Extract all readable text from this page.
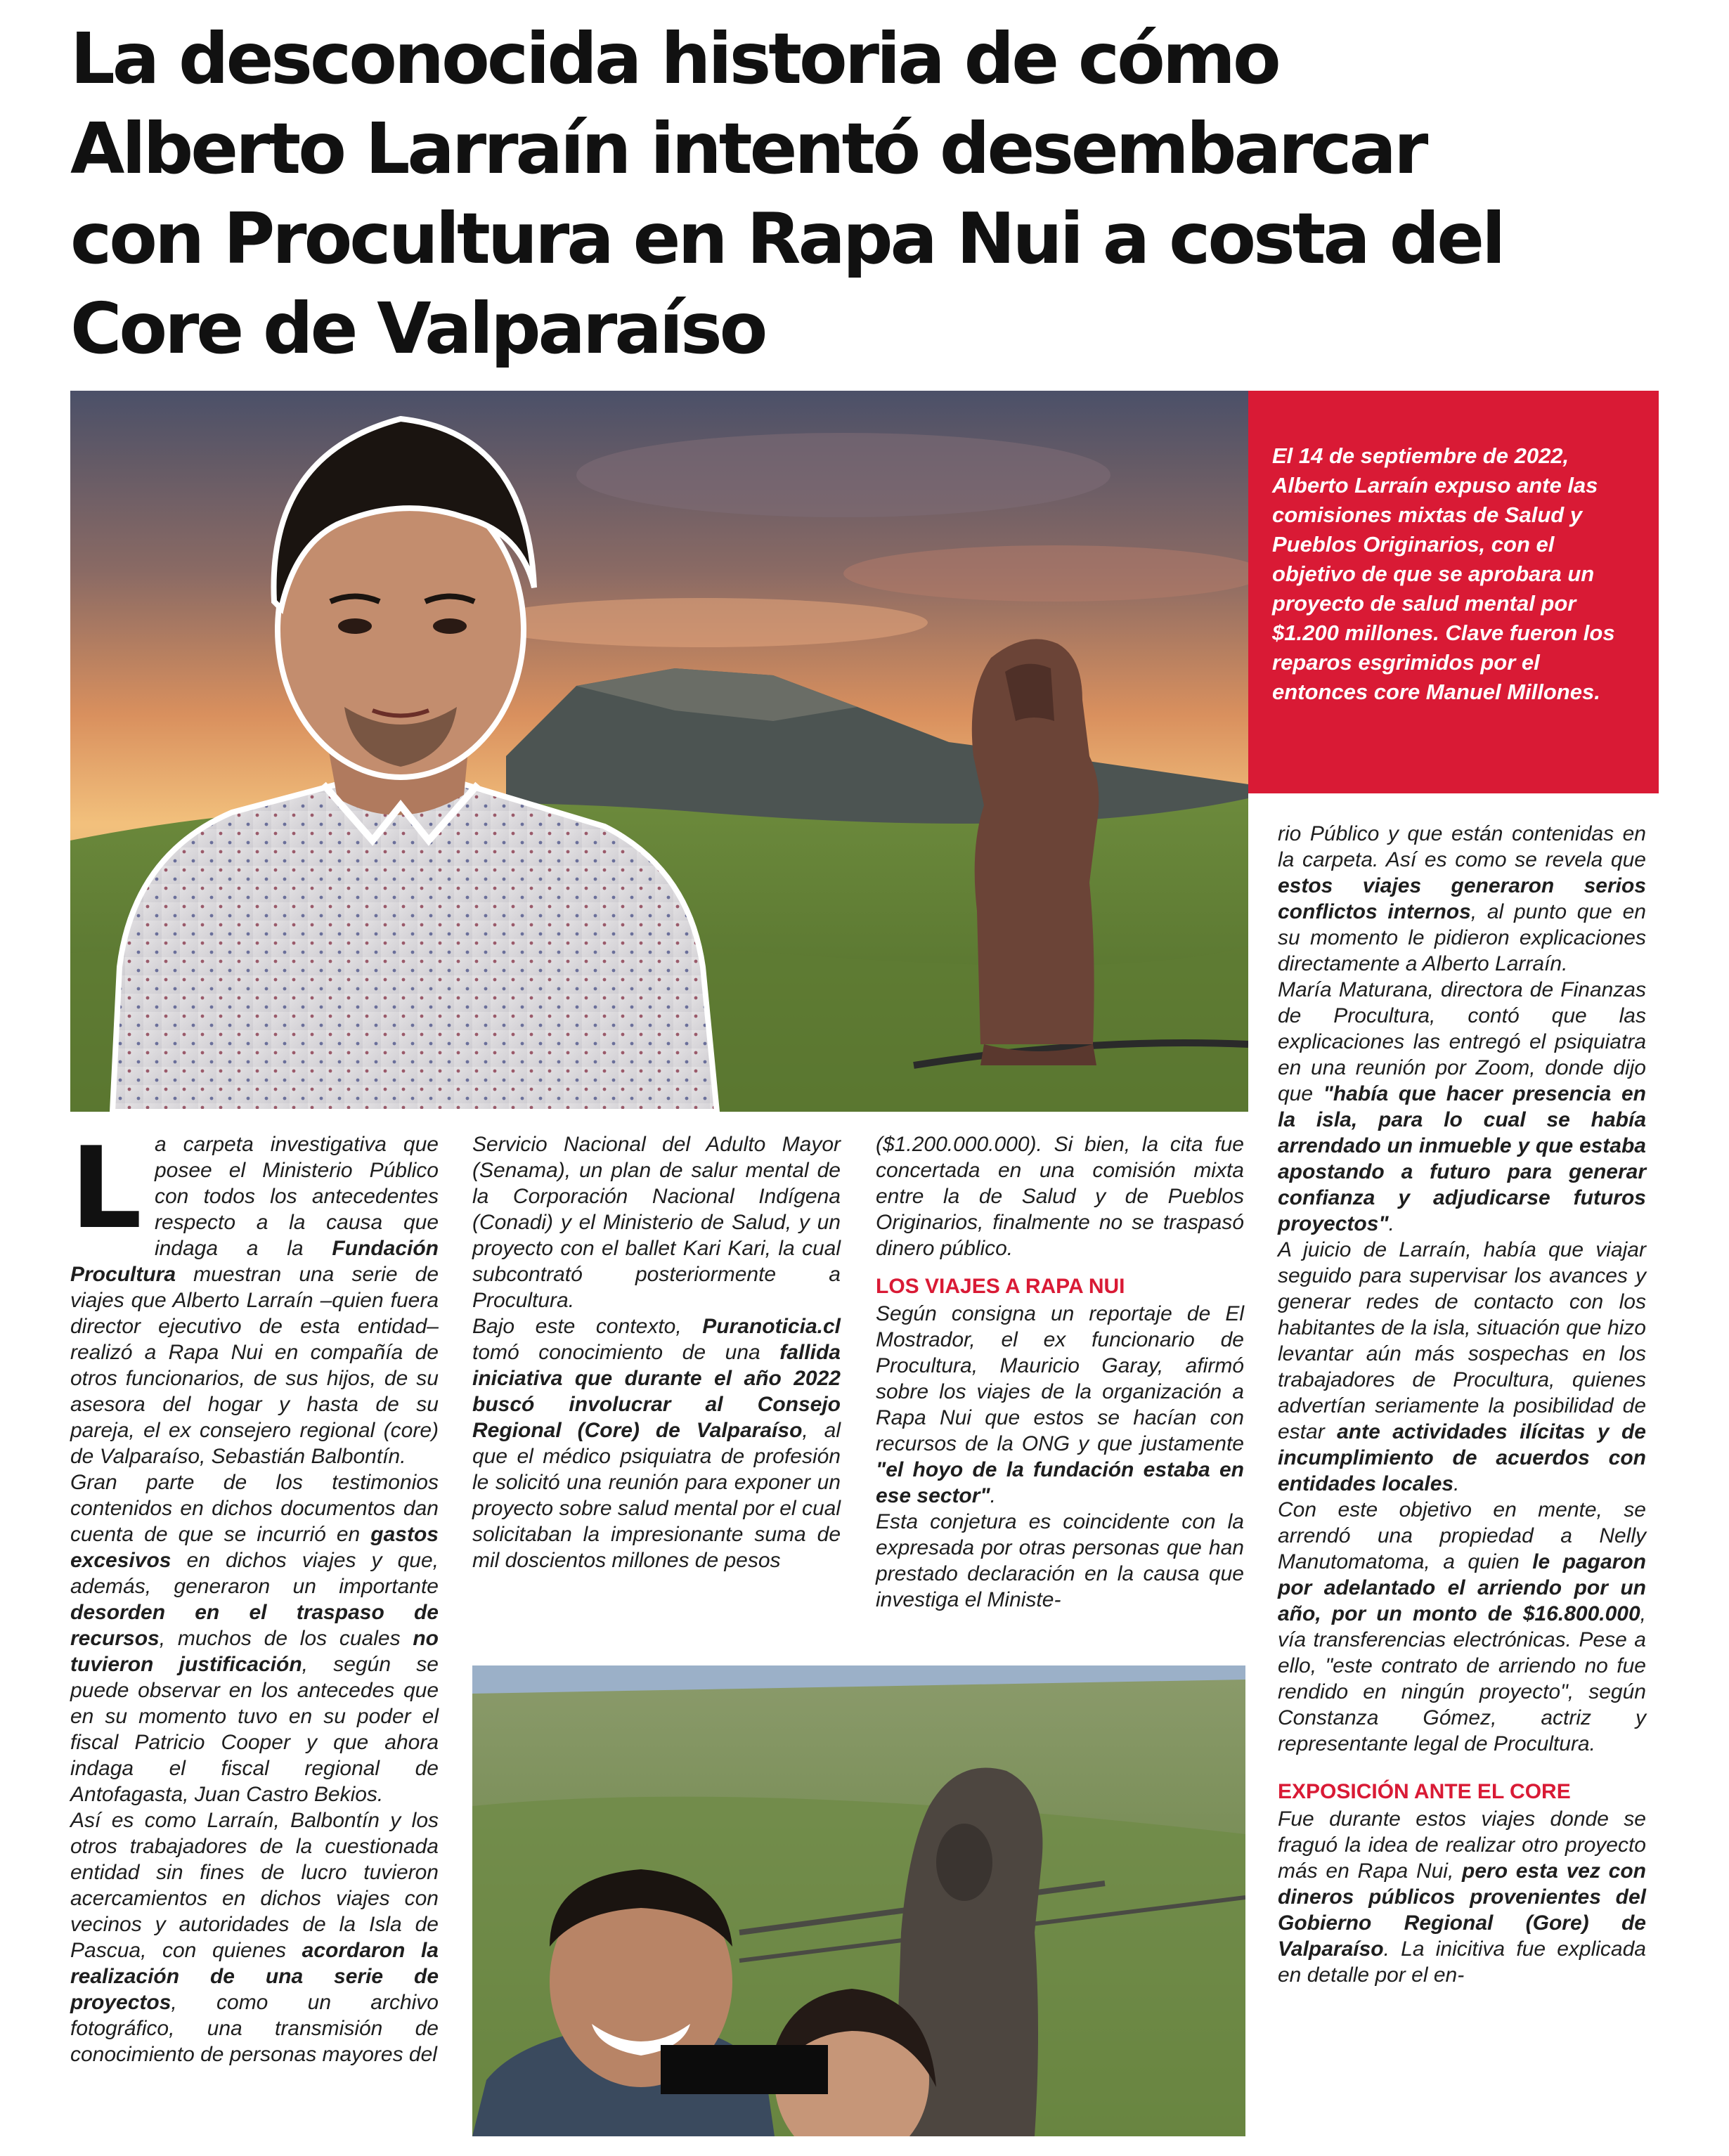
La desconocida historia de cómo
Alberto Larraín intentó desembarcar
con Procultura en Rapa Nui a costa del
Core de Valparaíso

El 14 de septiembre de 2022, Alberto Larraín expuso ante las comisiones mixtas de Salud y Pueblos Originarios, con el objetivo de que se aprobara un proyecto de salud mental por $1.200 millones. Clave fueron los reparos esgrimidos por el entonces core Manuel Millones.

La carpeta investigativa que posee el Ministerio Público con todos los antecedentes respecto a la causa que indaga a la Fundación Procultura muestran una serie de viajes que Alberto Larraín –quien fuera director ejecutivo de esta entidad– realizó a Rapa Nui en compañía de otros funcionarios, de sus hijos, de su asesora del hogar y hasta de su pareja, el ex consejero regional (core) de Valparaíso, Sebastián Balbontín.

Gran parte de los testimonios contenidos en dichos documentos dan cuenta de que se incurrió en gastos excesivos en dichos viajes y que, además, generaron un importante desorden en el traspaso de recursos, muchos de los cuales no tuvieron justificación, según se puede observar en los antecedes que en su momento tuvo en su poder el fiscal Patricio Cooper y que ahora indaga el fiscal regional de Antofagasta, Juan Castro Bekios.

Así es como Larraín, Balbontín y los otros trabajadores de la cuestionada entidad sin fines de lucro tuvieron acercamientos en dichos viajes con vecinos y autoridades de la Isla de Pascua, con quienes acordaron la realización de una serie de proyectos, como un archivo fotográfico, una transmisión de conocimiento de personas mayores del

Servicio Nacional del Adulto Mayor (Senama), un plan de salur mental de la Corporación Nacional Indígena (Conadi) y el Ministerio de Salud, y un proyecto con el ballet Kari Kari, la cual subcontrató posteriormente a Procultura.

Bajo este contexto, Puranoticia.cl tomó conocimiento de una fallida iniciativa que durante el año 2022 buscó involucrar al Consejo Regional (Core) de Valparaíso, al que el médico psiquiatra de profesión le solicitó una reunión para exponer un proyecto sobre salud mental por el cual solicitaban la impresionante suma de mil doscientos millones de pesos

($1.200.000.000). Si bien, la cita fue concertada en una comisión mixta entre la de Salud y de Pueblos Originarios, finalmente no se traspasó dinero público.

LOS VIAJES A RAPA NUI

Según consigna un reportaje de El Mostrador, el ex funcionario de Procultura, Mauricio Garay, afirmó sobre los viajes de la organización a Rapa Nui que estos se hacían con recursos de la ONG y que justamente "el hoyo de la fundación estaba en ese sector".

Esta conjetura es coincidente con la expresada por otras personas que han prestado declaración en la causa que investiga el Ministe-

rio Público y que están contenidas en la carpeta. Así es como se revela que estos viajes generaron serios conflictos internos, al punto que en su momento le pidieron explicaciones directamente a Alberto Larraín.

María Maturana, directora de Finanzas de Procultura, contó que las explicaciones las entregó el psiquiatra en una reunión por Zoom, donde dijo que "había que hacer presencia en la isla, para lo cual se había arrendado un inmueble y que estaba apostando a futuro para generar confianza y adjudicarse futuros proyectos".

A juicio de Larraín, había que viajar seguido para supervisar los avances y generar redes de contacto con los habitantes de la isla, situación que hizo levantar aún más sospechas en los trabajadores de Procultura, quienes advertían seriamente la posibilidad de estar ante actividades ilícitas y de incumplimiento de acuerdos con entidades locales.

Con este objetivo en mente, se arrendó una propiedad a Nelly Manutomatoma, a quien le pagaron por adelantado el arriendo por un año, por un monto de $16.800.000, vía transferencias electrónicas. Pese a ello, "este contrato de arriendo no fue rendido en ningún proyecto", según Constanza Gómez, actriz y representante legal de Procultura.

EXPOSICIÓN ANTE EL CORE

Fue durante estos viajes donde se fraguó la idea de realizar otro proyecto más en Rapa Nui, pero esta vez con dineros públicos provenientes del Gobierno Regional (Gore) de Valparaíso. La inicitiva fue explicada en detalle por el en-
